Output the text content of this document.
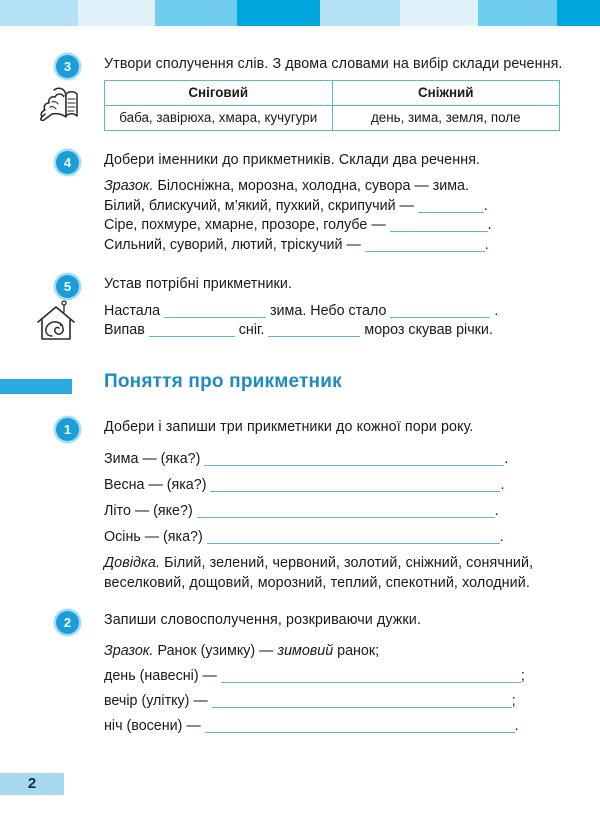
3	Утвори сполучення слів. З двома словами на вибір склади речення.
Сніговий	Сніжний
баба, завірюха, хмара, кучугури	день, зима, земля, поле
4	Добери іменники до прикметників. Склади два речення.
Зразок. Білосніжна, морозна, холодна, сувора — зима.
Білий, блискучий, м’який, пухкий, скрипучий —	.
Сіре, похмуре, хмарне, прозоре, голубе —	.
Сильний, суворий, лютий, тріскучий —	.
5	Устав потрібні прикметники.
Настала	зима. Небо стало	.
Випав	сніг.	мороз скував річки.
Поняття про прикметник
1	Добери і запиши три прикметники до кожної пори року.
Зима — (яка?)	.
Весна — (яка?)	.
Літо — (яке?)	.
Осінь — (яка?)	.
Довідка. Білий, зелений, червоний, золотий, сніжний, сонячний, веселковий, дощовий, морозний, теплий, спекотний, холодний.
2	Запиши словосполучення, розкриваючи дужки.
Зразок. Ранок (узимку) — зимовий ранок;
день (навесні) —	;
вечір (улітку) —	;
ніч (восени) —	.
2
